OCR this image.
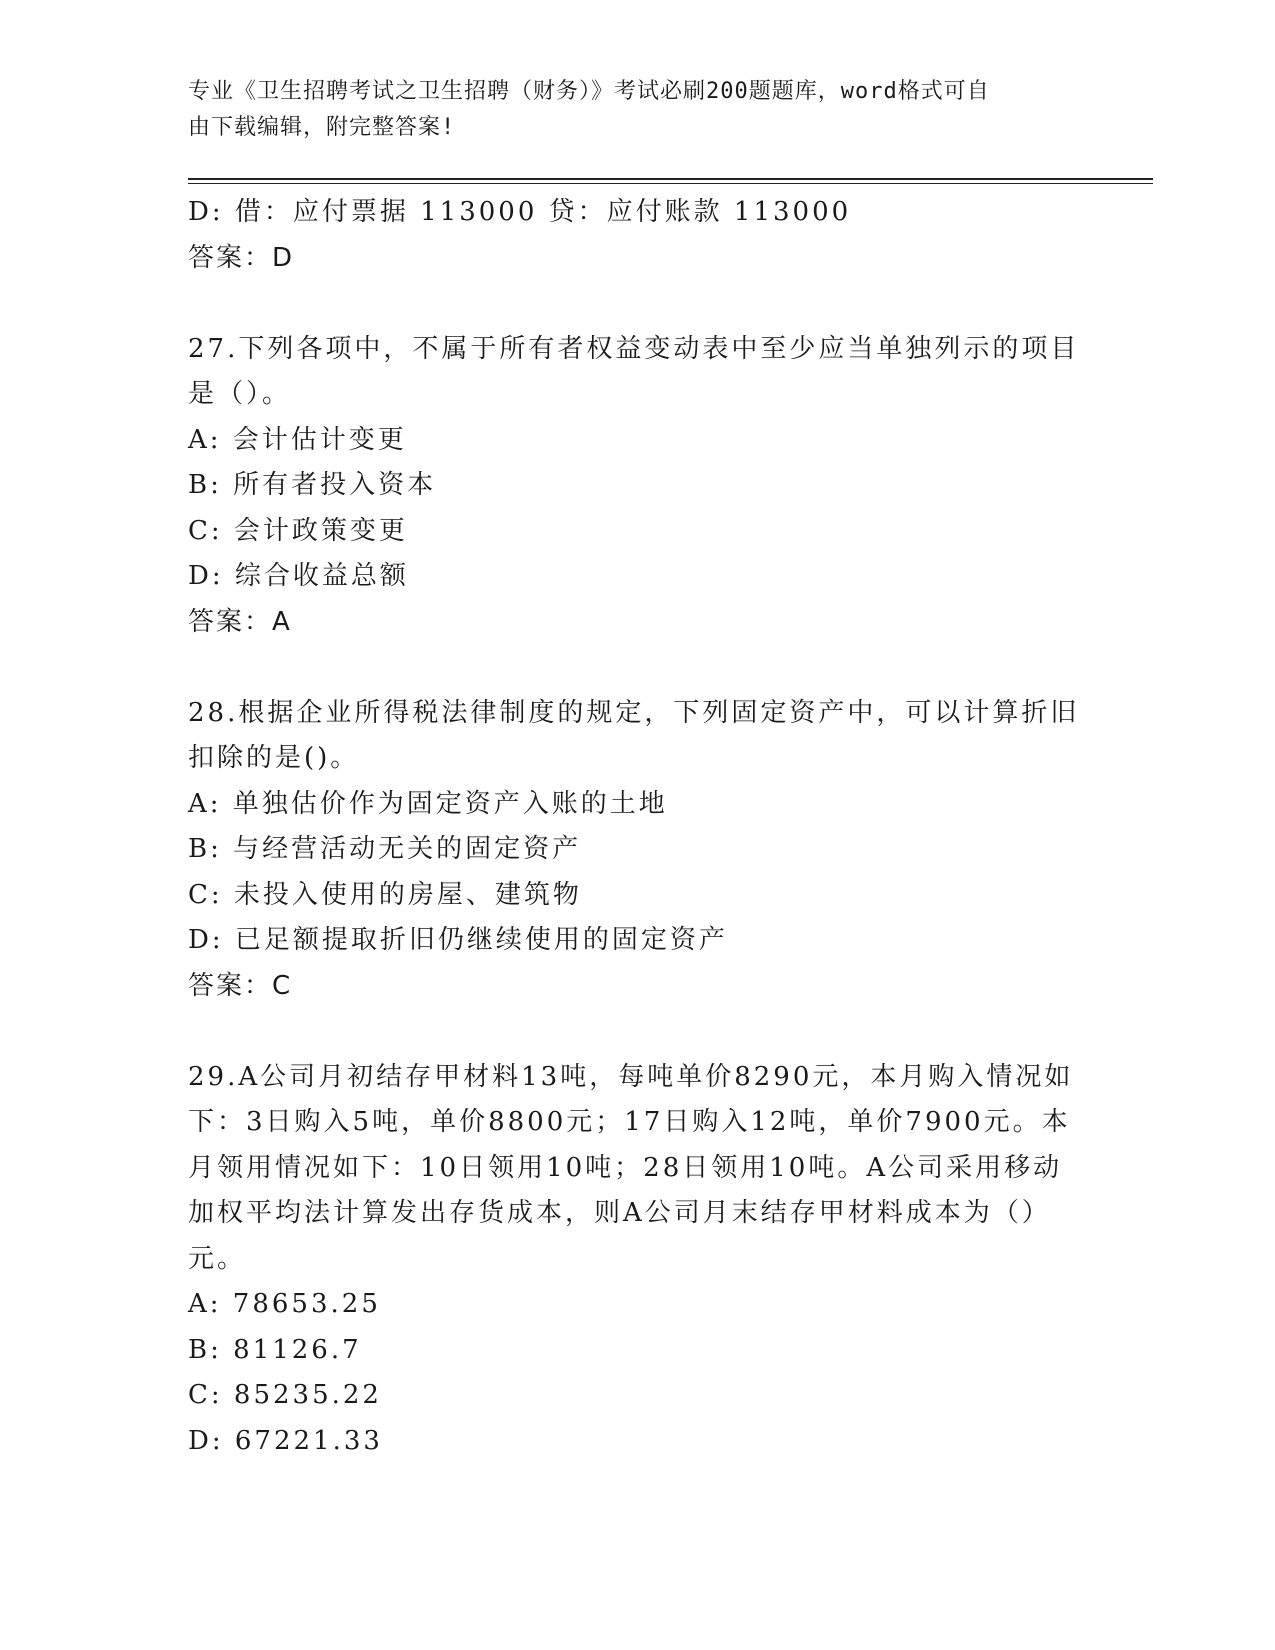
专业《卫生招聘考试之卫生招聘（财务）》考试必刷200题题库，word格式可自
由下载编辑，附完整答案!
D: 借：应付票据 113000 贷：应付账款 113000
答案：D
27.下列各项中，不属于所有者权益变动表中至少应当单独列示的项目
是（）。
A: 会计估计变更
B: 所有者投入资本
C: 会计政策变更
D: 综合收益总额
答案：A
28.根据企业所得税法律制度的规定，下列固定资产中，可以计算折旧
扣除的是()。
A: 单独估价作为固定资产入账的土地
B: 与经营活动无关的固定资产
C: 未投入使用的房屋、建筑物
D: 已足额提取折旧仍继续使用的固定资产
答案：C
29.A公司月初结存甲材料13吨，每吨单价8290元，本月购入情况如
下：3日购入5吨，单价8800元；17日购入12吨，单价7900元。本
月领用情况如下：10日领用10吨；28日领用10吨。A公司采用移动
加权平均法计算发出存货成本，则A公司月末结存甲材料成本为（）
元。
A: 78653.25
B: 81126.7
C: 85235.22
D: 67221.33
